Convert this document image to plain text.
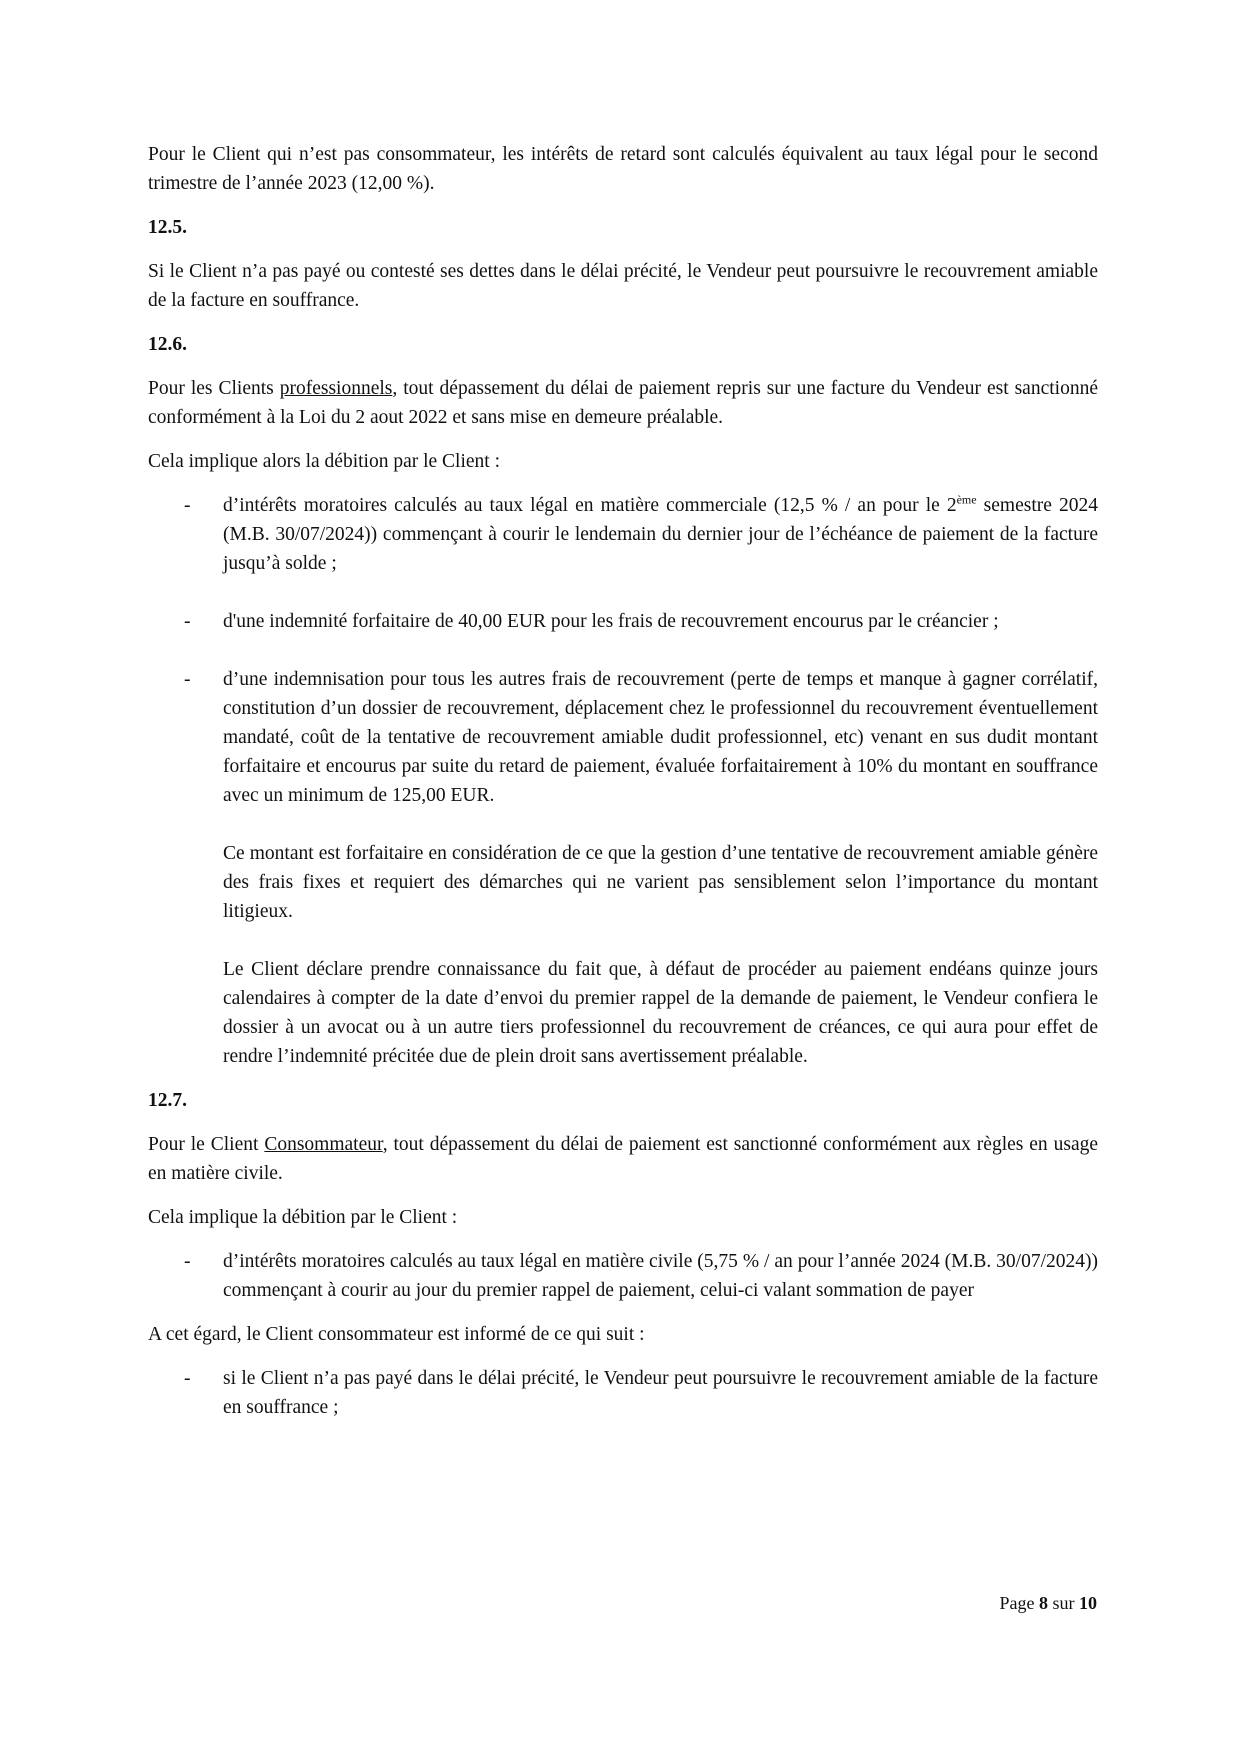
Pour le Client qui n’est pas consommateur, les intérêts de retard sont calculés équivalent au taux légal pour le second trimestre de l’année 2023 (12,00 %).

12.5.

Si le Client n’a pas payé ou contesté ses dettes dans le délai précité, le Vendeur peut poursuivre le recouvrement amiable de la facture en souffrance.

12.6.

Pour les Clients professionnels, tout dépassement du délai de paiement repris sur une facture du Vendeur est sanctionné conformément à la Loi du 2 aout 2022 et sans mise en demeure préalable.

Cela implique alors la débition par le Client :

- d’intérêts moratoires calculés au taux légal en matière commerciale (12,5 % / an pour le 2ème semestre 2024 (M.B. 30/07/2024)) commençant à courir le lendemain du dernier jour de l’échéance de paiement de la facture jusqu’à solde ;

- d'une indemnité forfaitaire de 40,00 EUR pour les frais de recouvrement encourus par le créancier ;

- d’une indemnisation pour tous les autres frais de recouvrement (perte de temps et manque à gagner corrélatif, constitution d’un dossier de recouvrement, déplacement chez le professionnel du recouvrement éventuellement mandaté, coût de la tentative de recouvrement amiable dudit professionnel, etc) venant en sus dudit montant forfaitaire et encourus par suite du retard de paiement, évaluée forfaitairement à 10% du montant en souffrance avec un minimum de 125,00 EUR.

Ce montant est forfaitaire en considération de ce que la gestion d’une tentative de recouvrement amiable génère des frais fixes et requiert des démarches qui ne varient pas sensiblement selon l’importance du montant litigieux.

Le Client déclare prendre connaissance du fait que, à défaut de procéder au paiement endéans quinze jours calendaires à compter de la date d’envoi du premier rappel de la demande de paiement, le Vendeur confiera le dossier à un avocat ou à un autre tiers professionnel du recouvrement de créances, ce qui aura pour effet de rendre l’indemnité précitée due de plein droit sans avertissement préalable.

12.7.

Pour le Client Consommateur, tout dépassement du délai de paiement est sanctionné conformément aux règles en usage en matière civile.

Cela implique la débition par le Client :

- d’intérêts moratoires calculés au taux légal en matière civile (5,75 % / an pour l’année 2024 (M.B. 30/07/2024)) commençant à courir au jour du premier rappel de paiement, celui-ci valant sommation de payer

A cet égard, le Client consommateur est informé de ce qui suit :

- si le Client n’a pas payé dans le délai précité, le Vendeur peut poursuivre le recouvrement amiable de la facture en souffrance ;

Page 8 sur 10
